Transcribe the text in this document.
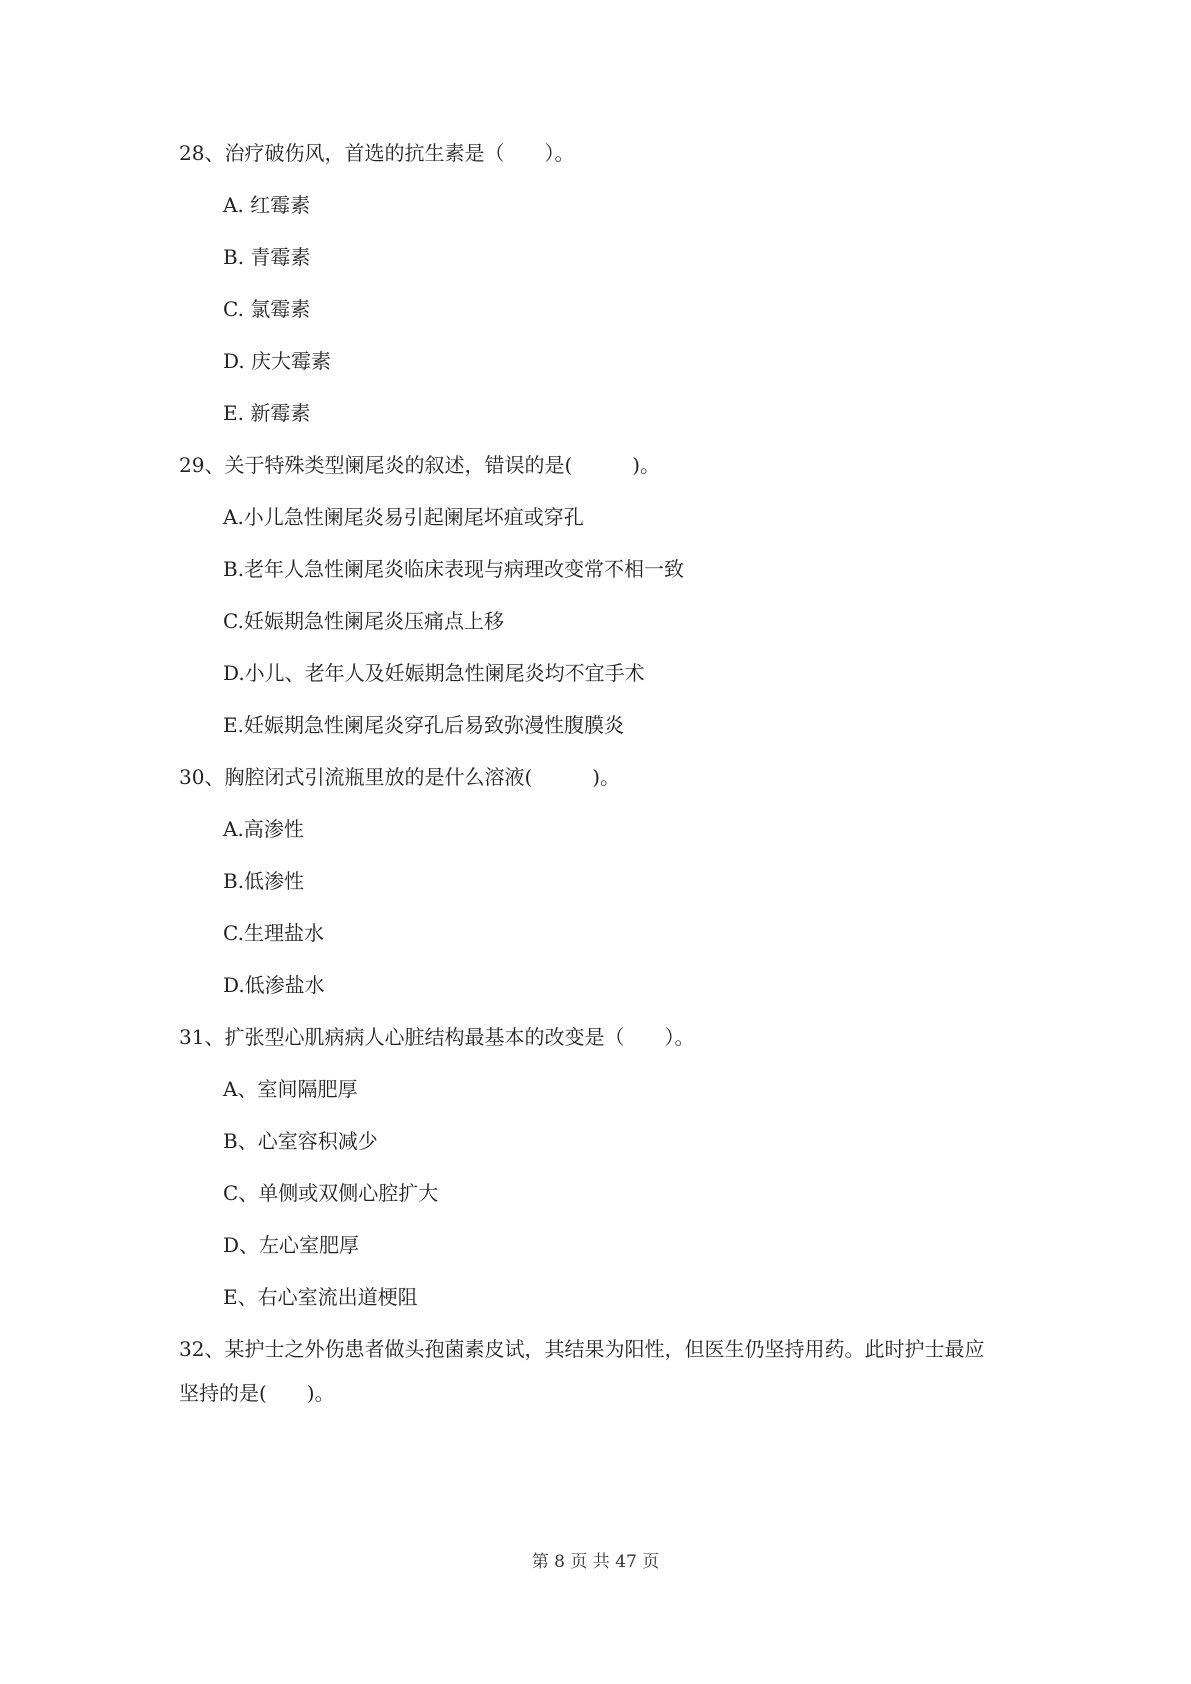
28、治疗破伤风，首选的抗生素是（　　）。
A. 红霉素
B. 青霉素
C. 氯霉素
D. 庆大霉素
E. 新霉素
29、关于特殊类型阑尾炎的叙述，错误的是(　　　)。
A.小儿急性阑尾炎易引起阑尾坏疽或穿孔
B.老年人急性阑尾炎临床表现与病理改变常不相一致
C.妊娠期急性阑尾炎压痛点上移
D.小儿、老年人及妊娠期急性阑尾炎均不宜手术
E.妊娠期急性阑尾炎穿孔后易致弥漫性腹膜炎
30、胸腔闭式引流瓶里放的是什么溶液(　　　)。
A.高渗性
B.低渗性
C.生理盐水
D.低渗盐水
31、扩张型心肌病病人心脏结构最基本的改变是（　　）。
A、室间隔肥厚
B、心室容积减少
C、单侧或双侧心腔扩大
D、左心室肥厚
E、右心室流出道梗阻
32、某护士之外伤患者做头孢菌素皮试，其结果为阳性，但医生仍坚持用药。此时护士最应
坚持的是(　　)。
第 8 页 共 47 页
